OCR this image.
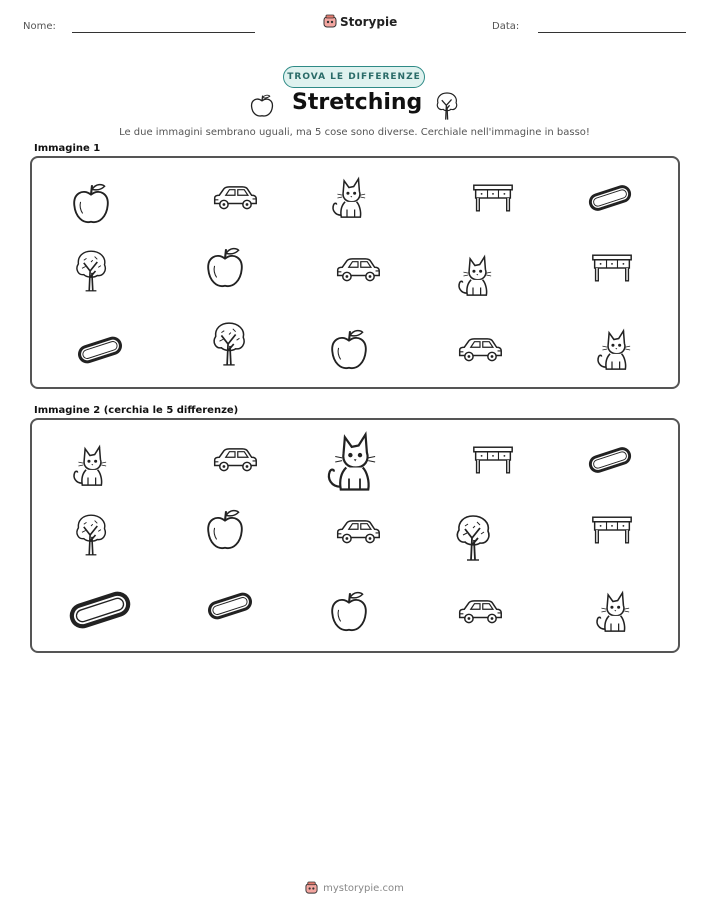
Nome:	Storypie	Data:
TROVA LE DIFFERENZE
Stretching
Le due immagini sembrano uguali, ma 5 cose sono diverse. Cerchiale nell'immagine in basso!
Immagine 1
Immagine 2 (cerchia le 5 differenze)
mystorypie.com
